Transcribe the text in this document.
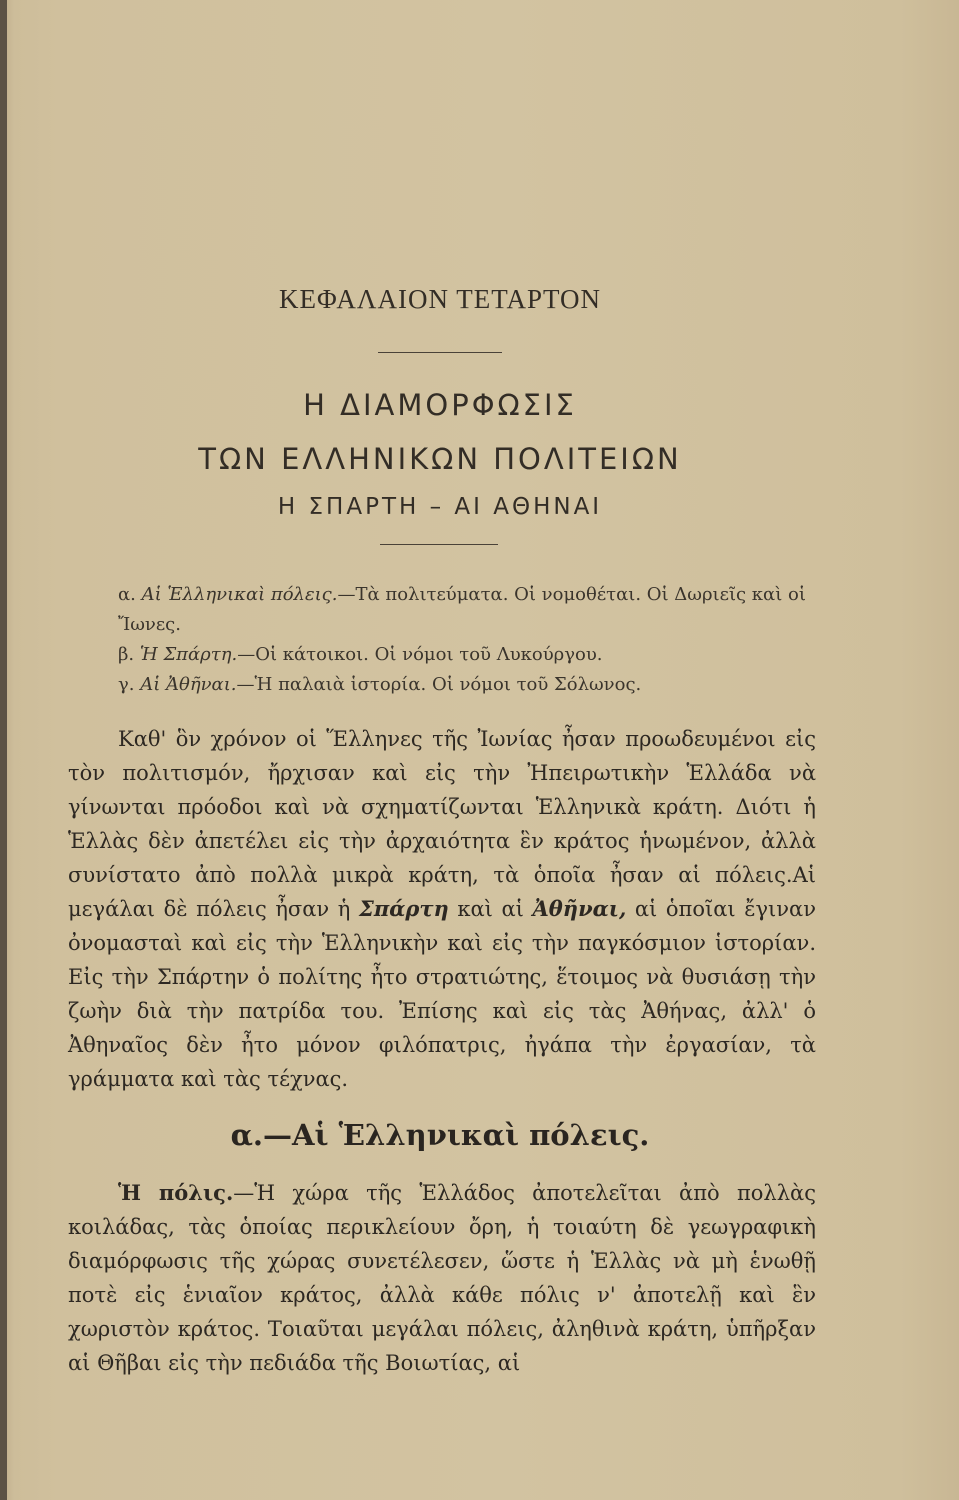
ΚΕΦΑΛΑΙΟΝ ΤΕΤΑΡΤΟΝ
Η ΔΙΑΜΟΡΦΩΣΙΣ
ΤΩΝ ΕΛΛΗΝΙΚΩΝ ΠΟΛΙΤΕΙΩΝ
Η ΣΠΑΡΤΗ – ΑΙ ΑΘΗΝΑΙ
α. Αἱ Ἑλληνικαὶ πόλεις.—Τὰ πολιτεύματα. Οἱ νομοθέται. Οἱ Δωριεῖς καὶ οἱ Ἴωνες.
β. Ἡ Σπάρτη.—Οἱ κάτοικοι. Οἱ νόμοι τοῦ Λυκούργου.
γ. Αἱ Ἀθῆναι.—Ἡ παλαιὰ ἱστορία. Οἱ νόμοι τοῦ Σόλωνος.

Καθ' ὃν χρόνον οἱ Ἕλληνες τῆς Ἰωνίας ἦσαν προωδευμένοι εἰς τὸν πολιτισμόν, ἤρχισαν καὶ εἰς τὴν Ἠπειρωτικὴν Ἑλλάδα νὰ γίνωνται πρόοδοι καὶ νὰ σχηματίζωνται Ἑλληνικὰ κράτη. Διότι ἡ Ἑλλὰς δὲν ἀπετέλει εἰς τὴν ἀρχαιότητα ἓν κράτος ἡνωμένον, ἀλλὰ συνίστατο ἀπὸ πολλὰ μικρὰ κράτη, τὰ ὁποῖα ἦσαν αἱ πόλεις.Αἱ μεγάλαι δὲ πόλεις ἦσαν ἡ Σπάρτη καὶ αἱ Ἀθῆναι, αἱ ὁποῖαι ἔγιναν ὀνομασταὶ καὶ εἰς τὴν Ἑλληνικὴν καὶ εἰς τὴν παγκόσμιον ἱστορίαν. Εἰς τὴν Σπάρτην ὁ πολίτης ἦτο στρατιώτης, ἕτοιμος νὰ θυσιάσῃ τὴν ζωὴν διὰ τὴν πατρίδα του. Ἐπίσης καὶ εἰς τὰς Ἀθήνας, ἀλλ' ὁ Ἀθηναῖος δὲν ἦτο μόνον φιλόπατρις, ἠγάπα τὴν ἐργασίαν, τὰ γράμματα καὶ τὰς τέχνας.

α.—Αἱ Ἑλληνικαὶ πόλεις.

Ἡ πόλις.—Ἡ χώρα τῆς Ἑλλάδος ἀποτελεῖται ἀπὸ πολλὰς κοιλάδας, τὰς ὁποίας περικλείουν ὄρη, ἡ τοιαύτη δὲ γεωγραφικὴ διαμόρφωσις τῆς χώρας συνετέλεσεν, ὥστε ἡ Ἑλλὰς νὰ μὴ ἑνωθῇ ποτὲ εἰς ἑνιαῖον κράτος, ἀλλὰ κάθε πόλις ν' ἀποτελῇ καὶ ἓν χωριστὸν κράτος. Τοιαῦται μεγάλαι πόλεις, ἀληθινὰ κράτη, ὑπῆρξαν αἱ Θῆβαι εἰς τὴν πεδιάδα τῆς Βοιωτίας, αἱ
